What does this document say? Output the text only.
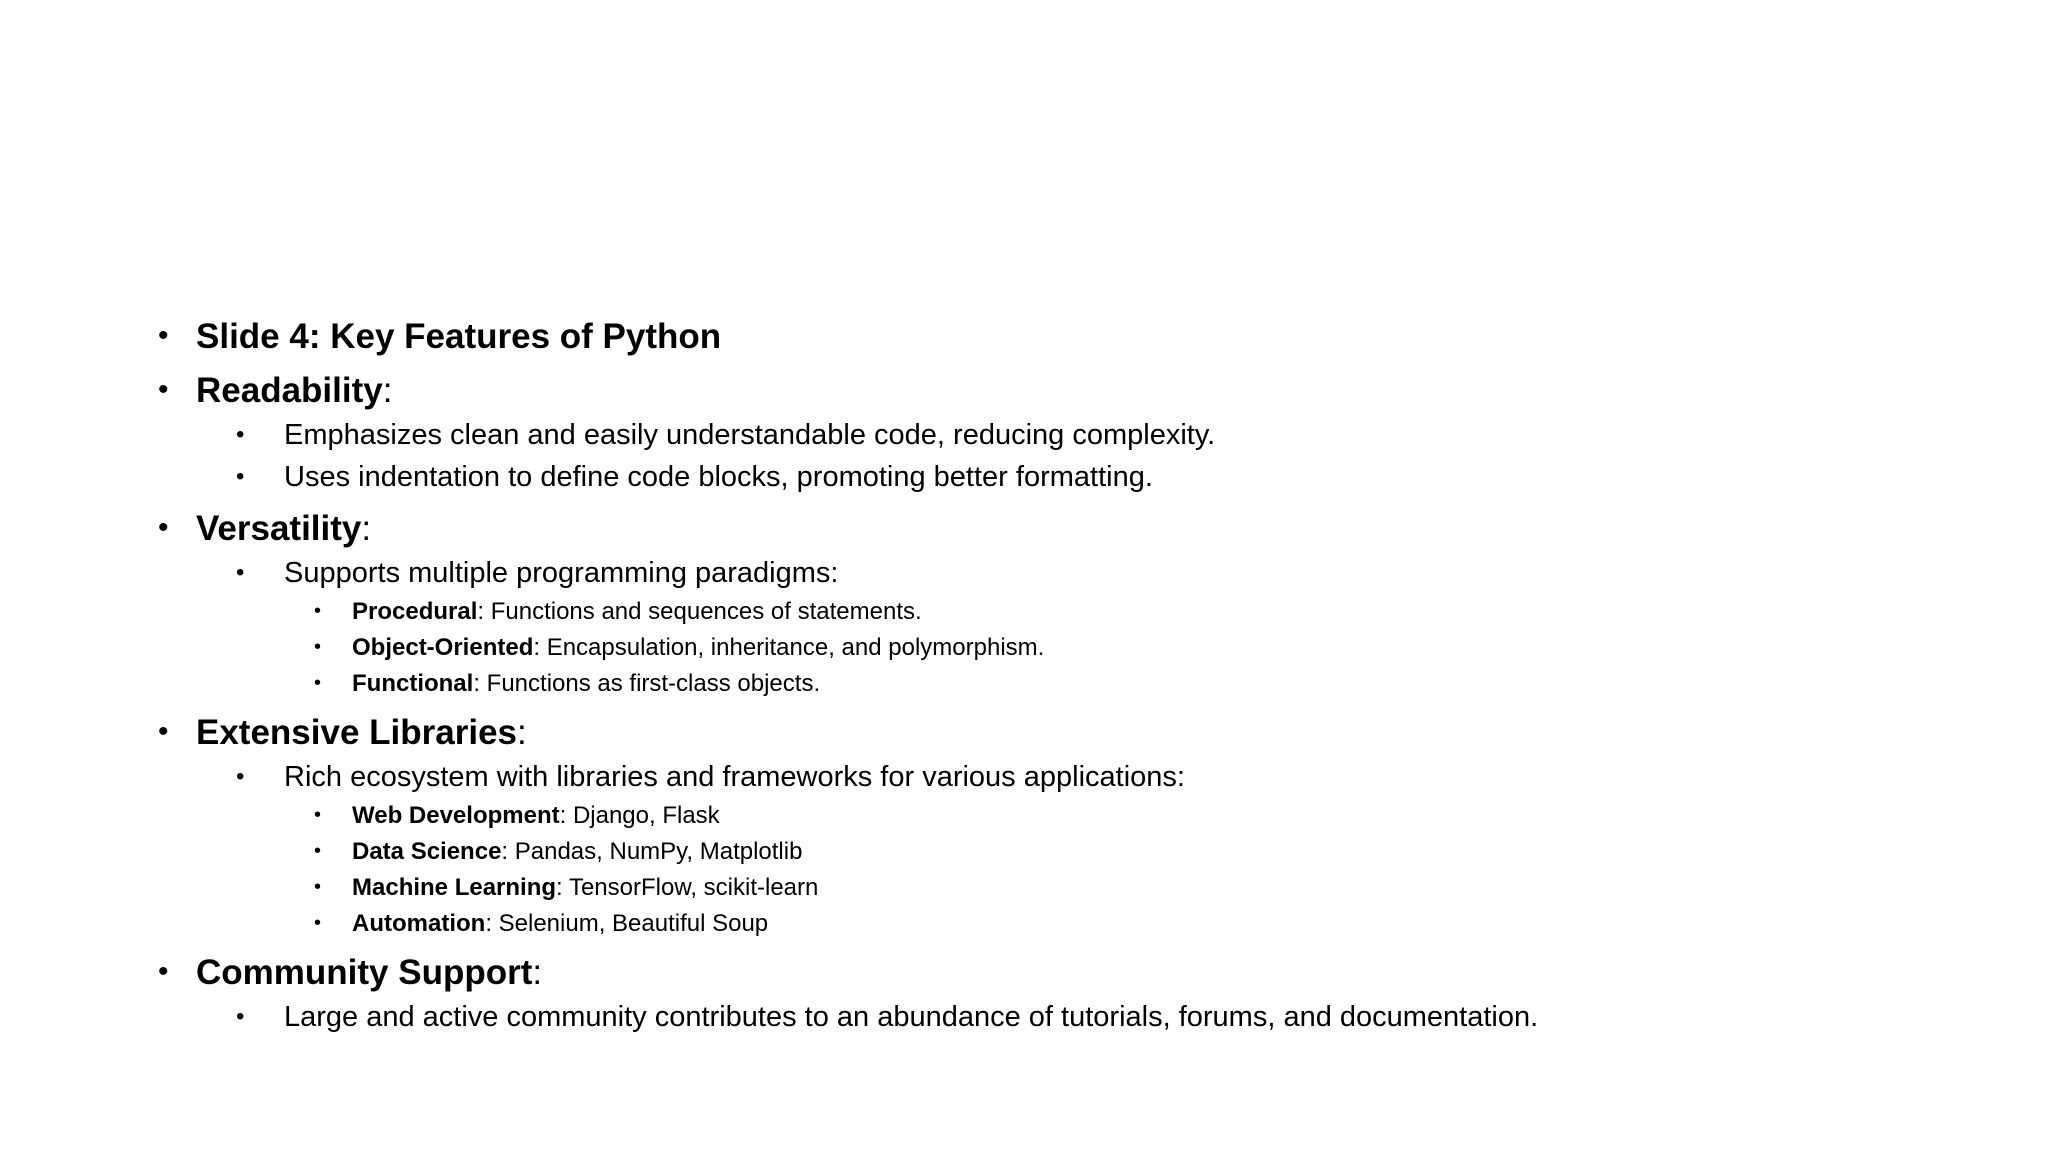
• Slide 4: Key Features of Python
• Readability:
• Emphasizes clean and easily understandable code, reducing complexity.
• Uses indentation to define code blocks, promoting better formatting.
• Versatility:
• Supports multiple programming paradigms:
• Procedural: Functions and sequences of statements.
• Object-Oriented: Encapsulation, inheritance, and polymorphism.
• Functional: Functions as first-class objects.
• Extensive Libraries:
• Rich ecosystem with libraries and frameworks for various applications:
• Web Development: Django, Flask
• Data Science: Pandas, NumPy, Matplotlib
• Machine Learning: TensorFlow, scikit-learn
• Automation: Selenium, Beautiful Soup
• Community Support:
• Large and active community contributes to an abundance of tutorials, forums, and documentation.
